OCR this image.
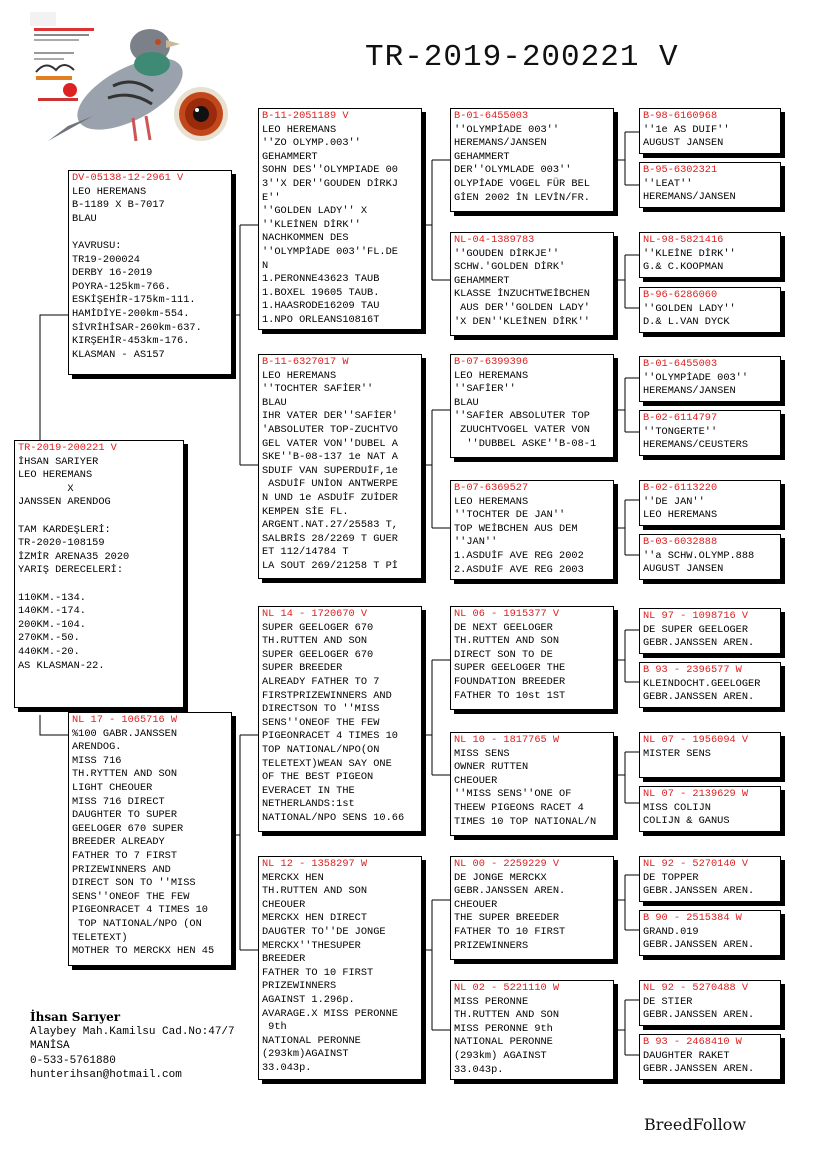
TR-2019-200221 V
TR-2019-200221 V
İHSAN SARIYER
LEO HEREMANS
X
JANSSEN ARENDOG

TAM KARDEŞLERİ:
TR-2020-108159
İZMİR ARENA35 2020
YARIŞ DERECELERİ:

110KM.-134.
140KM.-174.
200KM.-104.
270KM.-50.
440KM.-20.
AS KLASMAN-22.
DV-05138-12-2961 V
LEO HEREMANS
B-1189 X B-7017
BLAU

YAVRUSU:
TR19-200024
DERBY 16-2019
POYRA-125km-766.
ESKİŞEHİR-175km-111.
HAMİDİYE-200km-554.
SİVRİHİSAR-260km-637.
KIRŞEHİR-453km-176.
KLASMAN - AS157
NL 17 - 1065716 W
%100 GABR.JANSSEN
ARENDOG.
MISS 716
TH.RYTTEN AND SON
LIGHT CHEOUER
MISS 716 DIRECT
DAUGHTER TO SUPER
GEELOGER 670 SUPER
BREEDER ALREADY
FATHER TO 7 FIRST
PRIZEWINNERS AND
DIRECT SON TO ''MISS
SENS''ONEOF THE FEW
PIGEONRACET 4 TIMES 10
TOP NATIONAL/NPO (ON
TELETEXT)
MOTHER TO MERCKX HEN 45
B-11-2051189 V
LEO HEREMANS
''ZO OLYMP.003''
GEHAMMERT
SOHN DES''OLYMPIADE 00
3''X DER''GOUDEN DİRKJ
E''
''GOLDEN LADY'' X
''KLEİNEN DİRK''
NACHKOMMEN DES
''OLYMPİADE 003''FL.DE
N
1.PERONNE43623 TAUB
1.BOXEL 19605 TAUB.
1.HAASRODE16209 TAU
1.NPO ORLEANS10816T
B-11-6327017 W
LEO HEREMANS
''TOCHTER SAFİER''
BLAU
IHR VATER DER''SAFİER'
'ABSOLUTER TOP-ZUCHTVO
GEL VATER VON''DUBEL A
SKE''B-08-137 1e NAT A
SDUIF VAN SUPERDUİF,1e
ASDUİF UNİON ANTWERPE
N UND 1e ASDUİF ZUİDER
KEMPEN SİE FL.
ARGENT.NAT.27/25583 T,
SALBRİS 28/2269 T GUER
ET 112/14784 T
LA SOUT 269/21258 T Pİ
NL 14 - 1720670 V
SUPER GEELOGER 670
TH.RUTTEN AND SON
SUPER GEELOGER 670
SUPER BREEDER
ALREADY FATHER TO 7
FIRSTPRIZEWINNERS AND
DIRECTSON TO ''MISS
SENS''ONEOF THE FEW
PIGEONRACET 4 TIMES 10
TOP NATIONAL/NPO(ON
TELETEXT)WEAN SAY ONE
OF THE BEST PIGEON
EVERACET IN THE
NETHERLANDS:1st
NATIONAL/NPO SENS 10.66
NL 12 - 1358297 W
MERCKX HEN
TH.RUTTEN AND SON
CHEOUER
MERCKX HEN DIRECT
DAUGTER TO''DE JONGE
MERCKX''THESUPER
BREEDER
FATHER TO 10 FIRST
PRIZEWINNERS
AGAINST 1.296p.
AVARAGE.X MISS PERONNE
9th
NATIONAL PERONNE
(293km)AGAINST
33.043p.
B-01-6455003
''OLYMPİADE 003''
HEREMANS/JANSEN
GEHAMMERT
DER''OLYMLADE 003''
OLYPİADE VOGEL FÜR BEL
GİEN 2002 İN LEVİN/FR.
NL-04-1389783
''GOUDEN DİRKJE''
SCHW.'GOLDEN DİRK'
GEHAMMERT
KLASSE İNZUCHTWEİBCHEN
AUS DER''GOLDEN LADY'
'X DEN''KLEİNEN DİRK''
B-07-6399396
LEO HEREMANS
''SAFİER''
BLAU
''SAFİER ABSOLUTER TOP
ZUUCHTVOGEL VATER VON
''DUBBEL ASKE''B-08-1
B-07-6369527
LEO HEREMANS
''TOCHTER DE JAN''
TOP WEİBCHEN AUS DEM
''JAN''
1.ASDUİF AVE REG 2002
2.ASDUİF AVE REG 2003
NL 06 - 1915377 V
DE NEXT GEELOGER
TH.RUTTEN AND SON
DIRECT SON TO DE
SUPER GEELOGER THE
FOUNDATION BREEDER
FATHER TO 10st 1ST
NL 10 - 1817765 W
MISS SENS
OWNER RUTTEN
CHEOUER
''MISS SENS''ONE OF
THEEW PIGEONS RACET 4
TIMES 10 TOP NATIONAL/N
NL 00 - 2259229 V
DE JONGE MERCKX
GEBR.JANSSEN AREN.
CHEOUER
THE SUPER BREEDER
FATHER TO 10 FIRST
PRIZEWINNERS
NL 02 - 5221110 W
MISS PERONNE
TH.RUTTEN AND SON
MISS PERONNE 9th
NATIONAL PERONNE
(293km) AGAINST
33.043p.
B-98-6160968
''1e AS DUIF''
AUGUST JANSEN
B-95-6302321
''LEAT''
HEREMANS/JANSEN
NL-98-5821416
''KLEİNE DİRK''
G.& C.KOOPMAN
B-96-6286060
''GOLDEN LADY''
D.& L.VAN DYCK
B-01-6455003
''OLYMPİADE 003''
HEREMANS/JANSEN
B-02-6114797
''TONGERTE''
HEREMANS/CEUSTERS
B-02-6113220
''DE JAN''
LEO HEREMANS
B-03-6032888
''a SCHW.OLYMP.888
AUGUST JANSEN
NL 97 - 1098716 V
DE SUPER GEELOGER
GEBR.JANSSEN AREN.
B 93 - 2396577 W
KLEINDOCHT.GEELOGER
GEBR.JANSSEN AREN.
NL 07 - 1956094 V
MISTER SENS
NL 07 - 2139629 W
MISS COLIJN
COLIJN & GANUS
NL 92 - 5270140 V
DE TOPPER
GEBR.JANSSEN AREN.
B 90 - 2515384 W
GRAND.019
GEBR.JANSSEN AREN.
NL 92 - 5270488 V
DE STIER
GEBR.JANSSEN AREN.
B 93 - 2468410 W
DAUGHTER RAKET
GEBR.JANSSEN AREN.
İhsan Sarıyer
Alaybey Mah.Kamilsu Cad.No:47/7
MANİSA
0-533-5761880
hunterihsan@hotmail.com
BreedFollow
